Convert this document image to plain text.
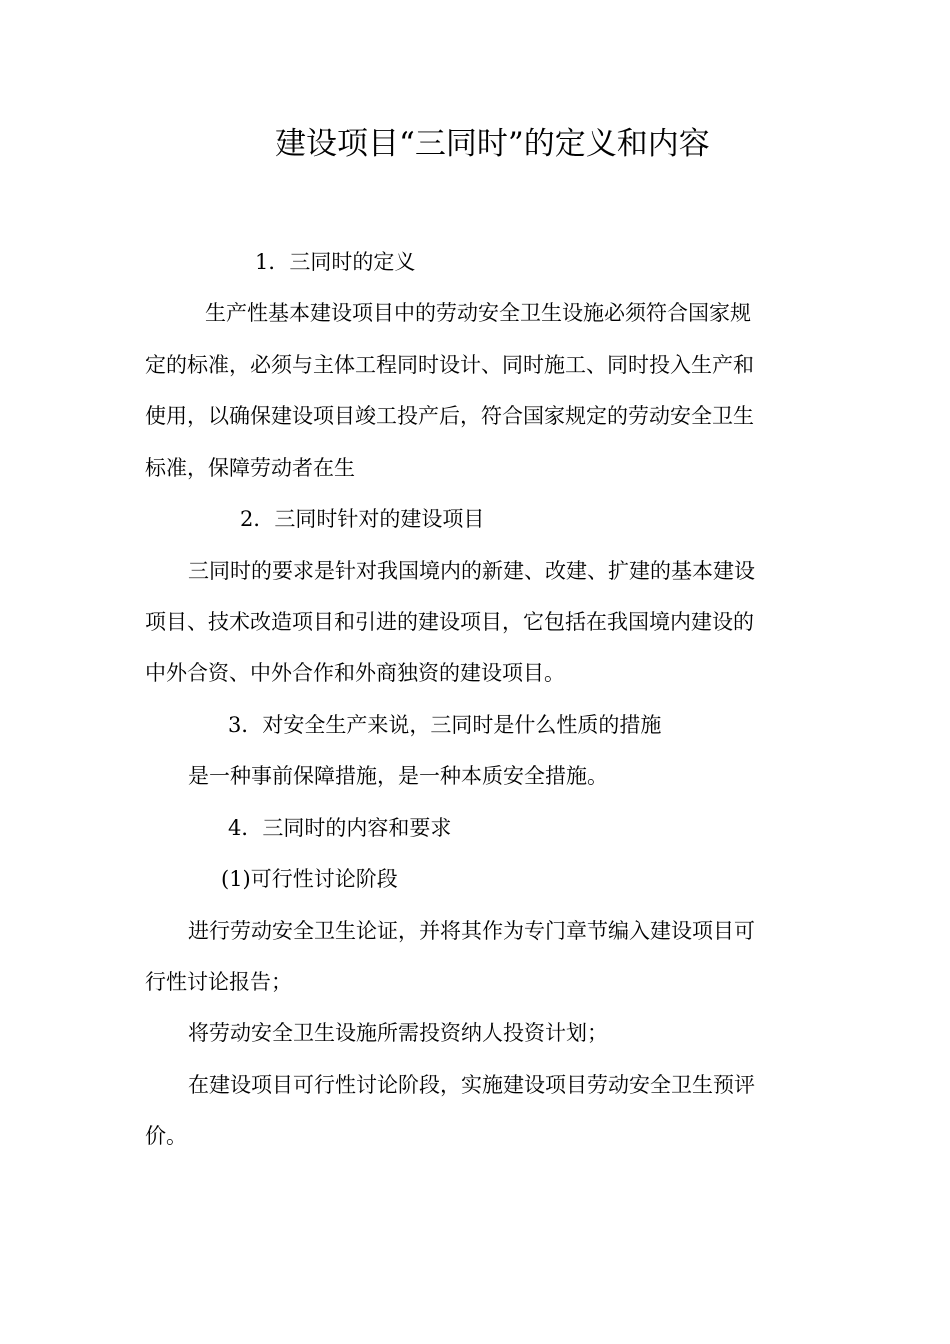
建设项目“三同时”的定义和内容
1．三同时的定义
生产性基本建设项目中的劳动安全卫生设施必须符合国家规
定的标准，必须与主体工程同时设计、同时施工、同时投入生产和
使用，以确保建设项目竣工投产后，符合国家规定的劳动安全卫生
标准，保障劳动者在生
2．三同时针对的建设项目
三同时的要求是针对我国境内的新建、改建、扩建的基本建设
项目、技术改造项目和引进的建设项目，它包括在我国境内建设的
中外合资、中外合作和外商独资的建设项目。
3．对安全生产来说，三同时是什么性质的措施
是一种事前保障措施，是一种本质安全措施。
4．三同时的内容和要求
(1)可行性讨论阶段
进行劳动安全卫生论证，并将其作为专门章节编入建设项目可
行性讨论报告；
将劳动安全卫生设施所需投资纳人投资计划；
在建设项目可行性讨论阶段，实施建设项目劳动安全卫生预评
价。
